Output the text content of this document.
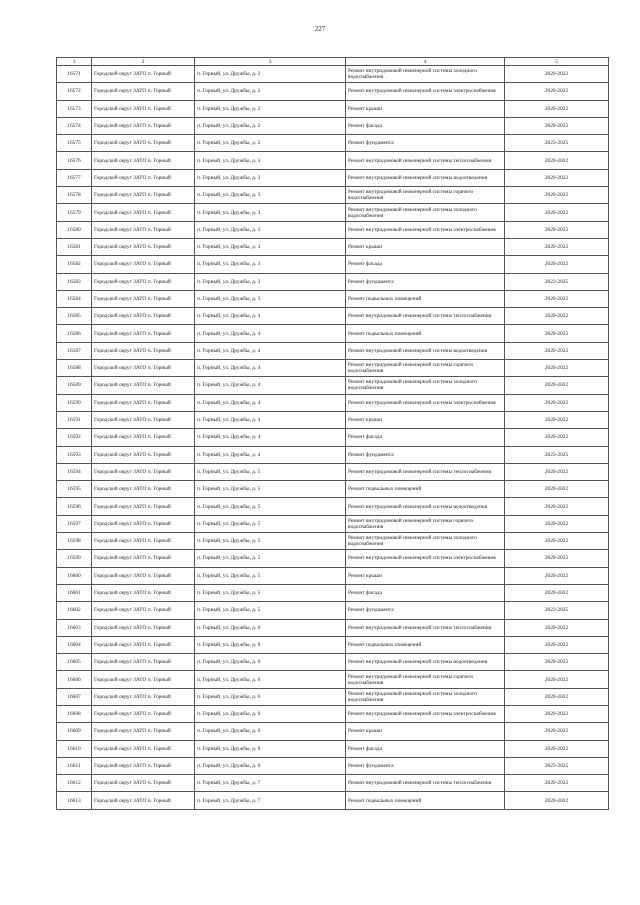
227
1	2	3	4	5
16571	Городской округ ЗАТО п. Горный	п. Горный, ул. Дружбы, д. 2	Ремонт внутридомовой инженерной системы холодного водоснабжения	2020-2022
16572	Городской округ ЗАТО п. Горный	п. Горный, ул. Дружбы, д. 2	Ремонт внутридомовой инженерной системы электроснабжения	2020-2022
16573	Городской округ ЗАТО п. Горный	п. Горный, ул. Дружбы, д. 2	Ремонт крыши	2020-2022
16574	Городской округ ЗАТО п. Горный	п. Горный, ул. Дружбы, д. 2	Ремонт фасада	2020-2022
16575	Городской округ ЗАТО п. Горный	п. Горный, ул. Дружбы, д. 2	Ремонт фундамента	2023-2025
16576	Городской округ ЗАТО п. Горный	п. Горный, ул. Дружбы, д. 3	Ремонт внутридомовой инженерной системы теплоснабжения	2020-2022
16577	Городской округ ЗАТО п. Горный	п. Горный, ул. Дружбы, д. 3	Ремонт внутридомовой инженерной системы водоотведения	2020-2022
16578	Городской округ ЗАТО п. Горный	п. Горный, ул. Дружбы, д. 3	Ремонт внутридомовой инженерной системы горячего водоснабжения	2020-2022
16579	Городской округ ЗАТО п. Горный	п. Горный, ул. Дружбы, д. 3	Ремонт внутридомовой инженерной системы холодного водоснабжения	2020-2022
16580	Городской округ ЗАТО п. Горный	п. Горный, ул. Дружбы, д. 3	Ремонт внутридомовой инженерной системы электроснабжения	2020-2022
16581	Городской округ ЗАТО п. Горный	п. Горный, ул. Дружбы, д. 3	Ремонт крыши	2020-2022
16582	Городской округ ЗАТО п. Горный	п. Горный, ул. Дружбы, д. 3	Ремонт фасада	2020-2022
16583	Городской округ ЗАТО п. Горный	п. Горный, ул. Дружбы, д. 3	Ремонт фундамента	2023-2025
16584	Городской округ ЗАТО п. Горный	п. Горный, ул. Дружбы, д. 3	Ремонт подвальных помещений	2020-2022
16585	Городской округ ЗАТО п. Горный	п. Горный, ул. Дружбы, д. 4	Ремонт внутридомовой инженерной системы теплоснабжения	2020-2022
16586	Городской округ ЗАТО п. Горный	п. Горный, ул. Дружбы, д. 4	Ремонт подвальных помещений	2020-2022
16587	Городской округ ЗАТО п. Горный	п. Горный, ул. Дружбы, д. 4	Ремонт внутридомовой инженерной системы водоотведения	2020-2022
16588	Городской округ ЗАТО п. Горный	п. Горный, ул. Дружбы, д. 4	Ремонт внутридомовой инженерной системы горячего водоснабжения	2020-2022
16589	Городской округ ЗАТО п. Горный	п. Горный, ул. Дружбы, д. 4	Ремонт внутридомовой инженерной системы холодного водоснабжения	2020-2022
16590	Городской округ ЗАТО п. Горный	п. Горный, ул. Дружбы, д. 4	Ремонт внутридомовой инженерной системы электроснабжения	2020-2022
16591	Городской округ ЗАТО п. Горный	п. Горный, ул. Дружбы, д. 4	Ремонт крыши	2020-2022
16592	Городской округ ЗАТО п. Горный	п. Горный, ул. Дружбы, д. 4	Ремонт фасада	2020-2022
16593	Городской округ ЗАТО п. Горный	п. Горный, ул. Дружбы, д. 4	Ремонт фундамента	2023-2025
16594	Городской округ ЗАТО п. Горный	п. Горный, ул. Дружбы, д. 5	Ремонт внутридомовой инженерной системы теплоснабжения	2020-2022
16595	Городской округ ЗАТО п. Горный	п. Горный, ул. Дружбы, д. 5	Ремонт подвальных помещений	2020-2022
16596	Городской округ ЗАТО п. Горный	п. Горный, ул. Дружбы, д. 5	Ремонт внутридомовой инженерной системы водоотведения	2020-2022
16597	Городской округ ЗАТО п. Горный	п. Горный, ул. Дружбы, д. 5	Ремонт внутридомовой инженерной системы горячего водоснабжения	2020-2022
16598	Городской округ ЗАТО п. Горный	п. Горный, ул. Дружбы, д. 5	Ремонт внутридомовой инженерной системы холодного водоснабжения	2020-2022
16599	Городской округ ЗАТО п. Горный	п. Горный, ул. Дружбы, д. 5	Ремонт внутридомовой инженерной системы электроснабжения	2020-2022
16600	Городской округ ЗАТО п. Горный	п. Горный, ул. Дружбы, д. 5	Ремонт крыши	2020-2022
16601	Городской округ ЗАТО п. Горный	п. Горный, ул. Дружбы, д. 5	Ремонт фасада	2020-2022
16602	Городской округ ЗАТО п. Горный	п. Горный, ул. Дружбы, д. 5	Ремонт фундамента	2023-2025
16603	Городской округ ЗАТО п. Горный	п. Горный, ул. Дружбы, д. 6	Ремонт внутридомовой инженерной системы теплоснабжения	2020-2022
16604	Городской округ ЗАТО п. Горный	п. Горный, ул. Дружбы, д. 6	Ремонт подвальных помещений	2020-2022
16605	Городской округ ЗАТО п. Горный	п. Горный, ул. Дружбы, д. 6	Ремонт внутридомовой инженерной системы водоотведения	2020-2022
16606	Городской округ ЗАТО п. Горный	п. Горный, ул. Дружбы, д. 6	Ремонт внутридомовой инженерной системы горячего водоснабжения	2020-2022
16607	Городской округ ЗАТО п. Горный	п. Горный, ул. Дружбы, д. 6	Ремонт внутридомовой инженерной системы холодного водоснабжения	2020-2022
16608	Городской округ ЗАТО п. Горный	п. Горный, ул. Дружбы, д. 6	Ремонт внутридомовой инженерной системы электроснабжения	2020-2022
16609	Городской округ ЗАТО п. Горный	п. Горный, ул. Дружбы, д. 6	Ремонт крыши	2020-2022
16610	Городской округ ЗАТО п. Горный	п. Горный, ул. Дружбы, д. 6	Ремонт фасада	2020-2022
16611	Городской округ ЗАТО п. Горный	п. Горный, ул. Дружбы, д. 6	Ремонт фундамента	2023-2025
16612	Городской округ ЗАТО п. Горный	п. Горный, ул. Дружбы, д. 7	Ремонт внутридомовой инженерной системы теплоснабжения	2020-2022
16613	Городской округ ЗАТО п. Горный	п. Горный, ул. Дружбы, д. 7	Ремонт подвальных помещений	2020-2022
